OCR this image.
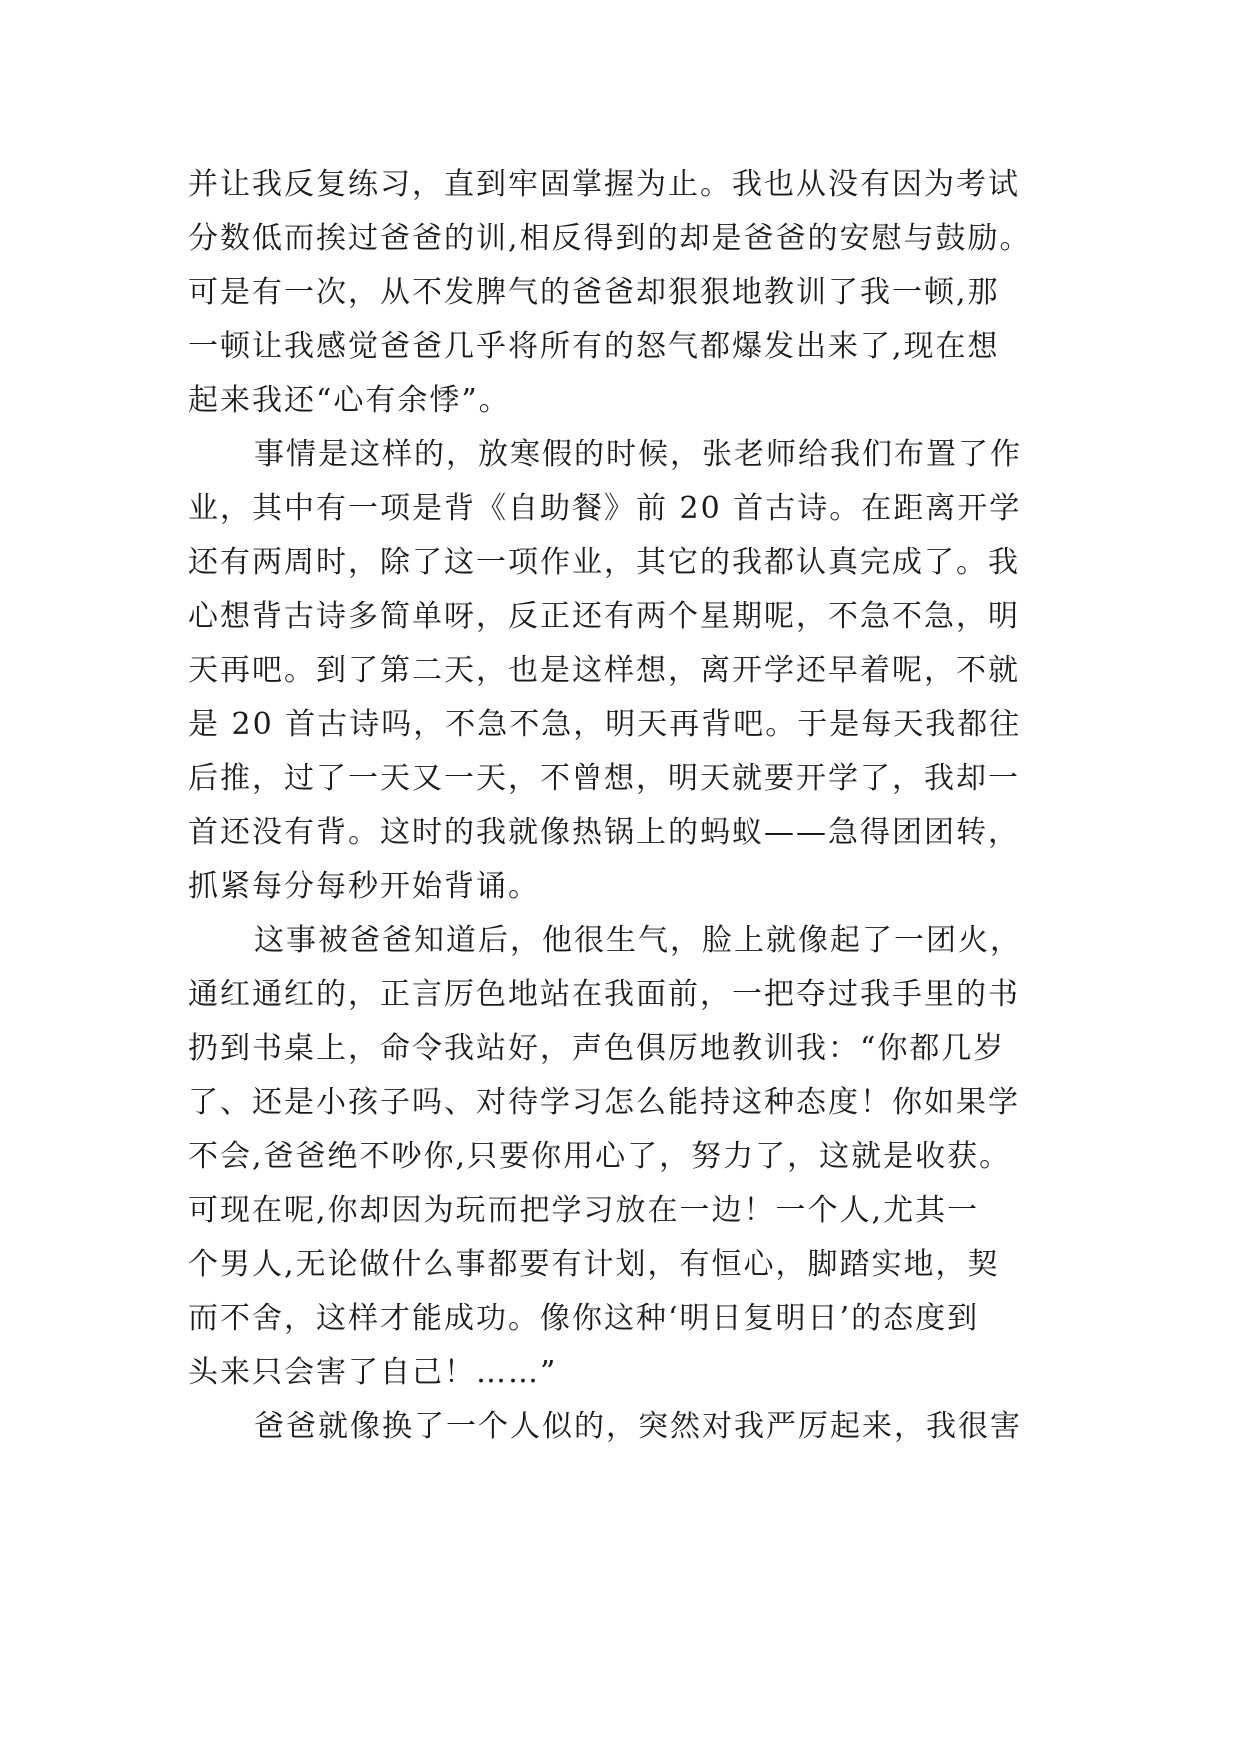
并让我反复练习，直到牢固掌握为止。我也从没有因为考试
分数低而挨过爸爸的训,相反得到的却是爸爸的安慰与鼓励。
可是有一次，从不发脾气的爸爸却狠狠地教训了我一顿,那
一顿让我感觉爸爸几乎将所有的怒气都爆发出来了,现在想
起来我还“心有余悸”。
事情是这样的，放寒假的时候，张老师给我们布置了作
业，其中有一项是背《自助餐》前 20 首古诗。在距离开学
还有两周时，除了这一项作业，其它的我都认真完成了。我
心想背古诗多简单呀，反正还有两个星期呢，不急不急，明
天再吧。到了第二天，也是这样想，离开学还早着呢，不就
是 20 首古诗吗，不急不急，明天再背吧。于是每天我都往
后推，过了一天又一天，不曾想，明天就要开学了，我却一
首还没有背。这时的我就像热锅上的蚂蚁——急得团团转，
抓紧每分每秒开始背诵。
这事被爸爸知道后，他很生气，脸上就像起了一团火，
通红通红的，正言厉色地站在我面前，一把夺过我手里的书
扔到书桌上，命令我站好，声色俱厉地教训我：“你都几岁
了、还是小孩子吗、对待学习怎么能持这种态度！你如果学
不会,爸爸绝不吵你,只要你用心了，努力了，这就是收获。
可现在呢,你却因为玩而把学习放在一边！一个人,尤其一
个男人,无论做什么事都要有计划，有恒心，脚踏实地，契
而不舍，这样才能成功。像你这种‘明日复明日’的态度到
头来只会害了自己！……”
爸爸就像换了一个人似的，突然对我严厉起来，我很害
